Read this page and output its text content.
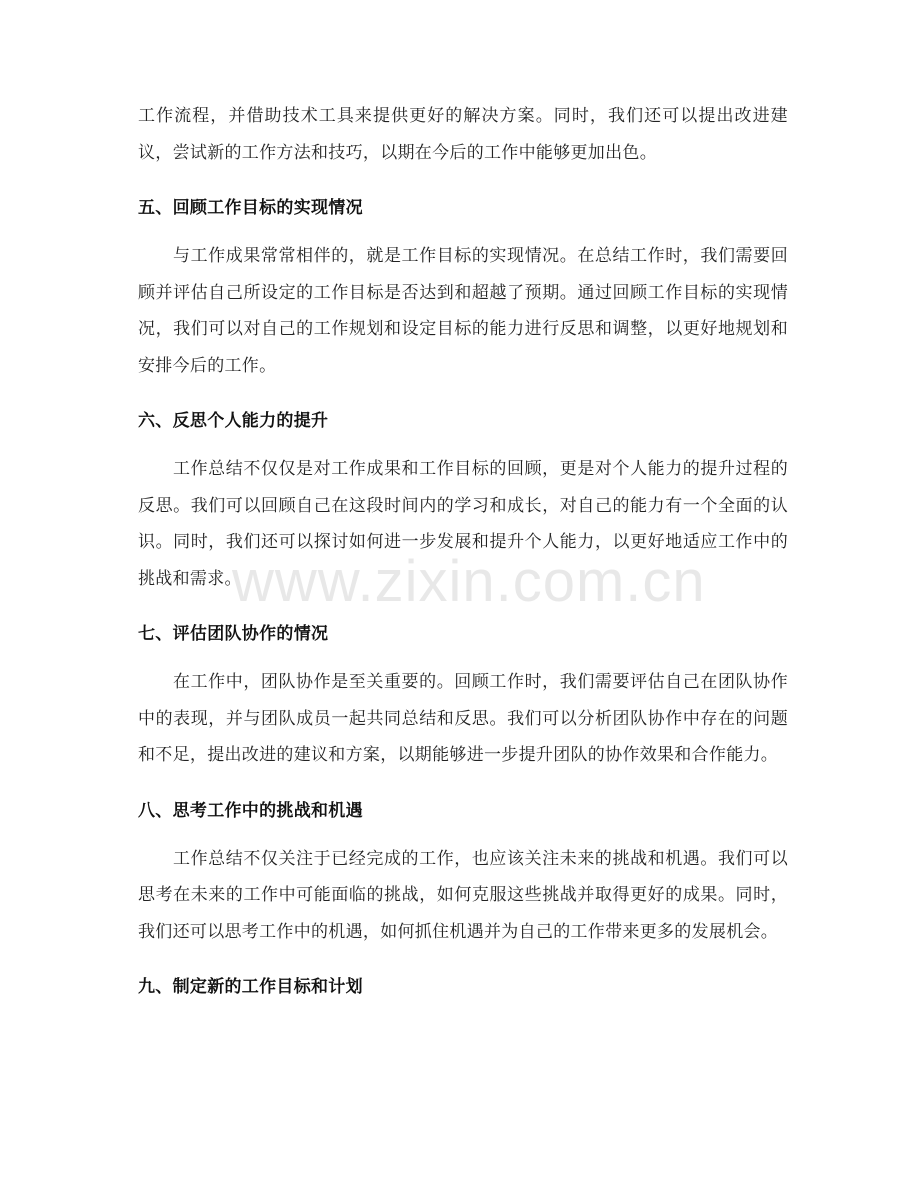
工作流程，并借助技术工具来提供更好的解决方案。同时，我们还可以提出改进建议，尝试新的工作方法和技巧，以期在今后的工作中能够更加出色。

五、回顾工作目标的实现情况

与工作成果常常相伴的，就是工作目标的实现情况。在总结工作时，我们需要回顾并评估自己所设定的工作目标是否达到和超越了预期。通过回顾工作目标的实现情况，我们可以对自己的工作规划和设定目标的能力进行反思和调整，以更好地规划和安排今后的工作。

六、反思个人能力的提升

工作总结不仅仅是对工作成果和工作目标的回顾，更是对个人能力的提升过程的反思。我们可以回顾自己在这段时间内的学习和成长，对自己的能力有一个全面的认识。同时，我们还可以探讨如何进一步发展和提升个人能力，以更好地适应工作中的挑战和需求。

七、评估团队协作的情况

在工作中，团队协作是至关重要的。回顾工作时，我们需要评估自己在团队协作中的表现，并与团队成员一起共同总结和反思。我们可以分析团队协作中存在的问题和不足，提出改进的建议和方案，以期能够进一步提升团队的协作效果和合作能力。

八、思考工作中的挑战和机遇

工作总结不仅关注于已经完成的工作，也应该关注未来的挑战和机遇。我们可以思考在未来的工作中可能面临的挑战，如何克服这些挑战并取得更好的成果。同时，我们还可以思考工作中的机遇，如何抓住机遇并为自己的工作带来更多的发展机会。

九、制定新的工作目标和计划
www.zixin.com.cn
